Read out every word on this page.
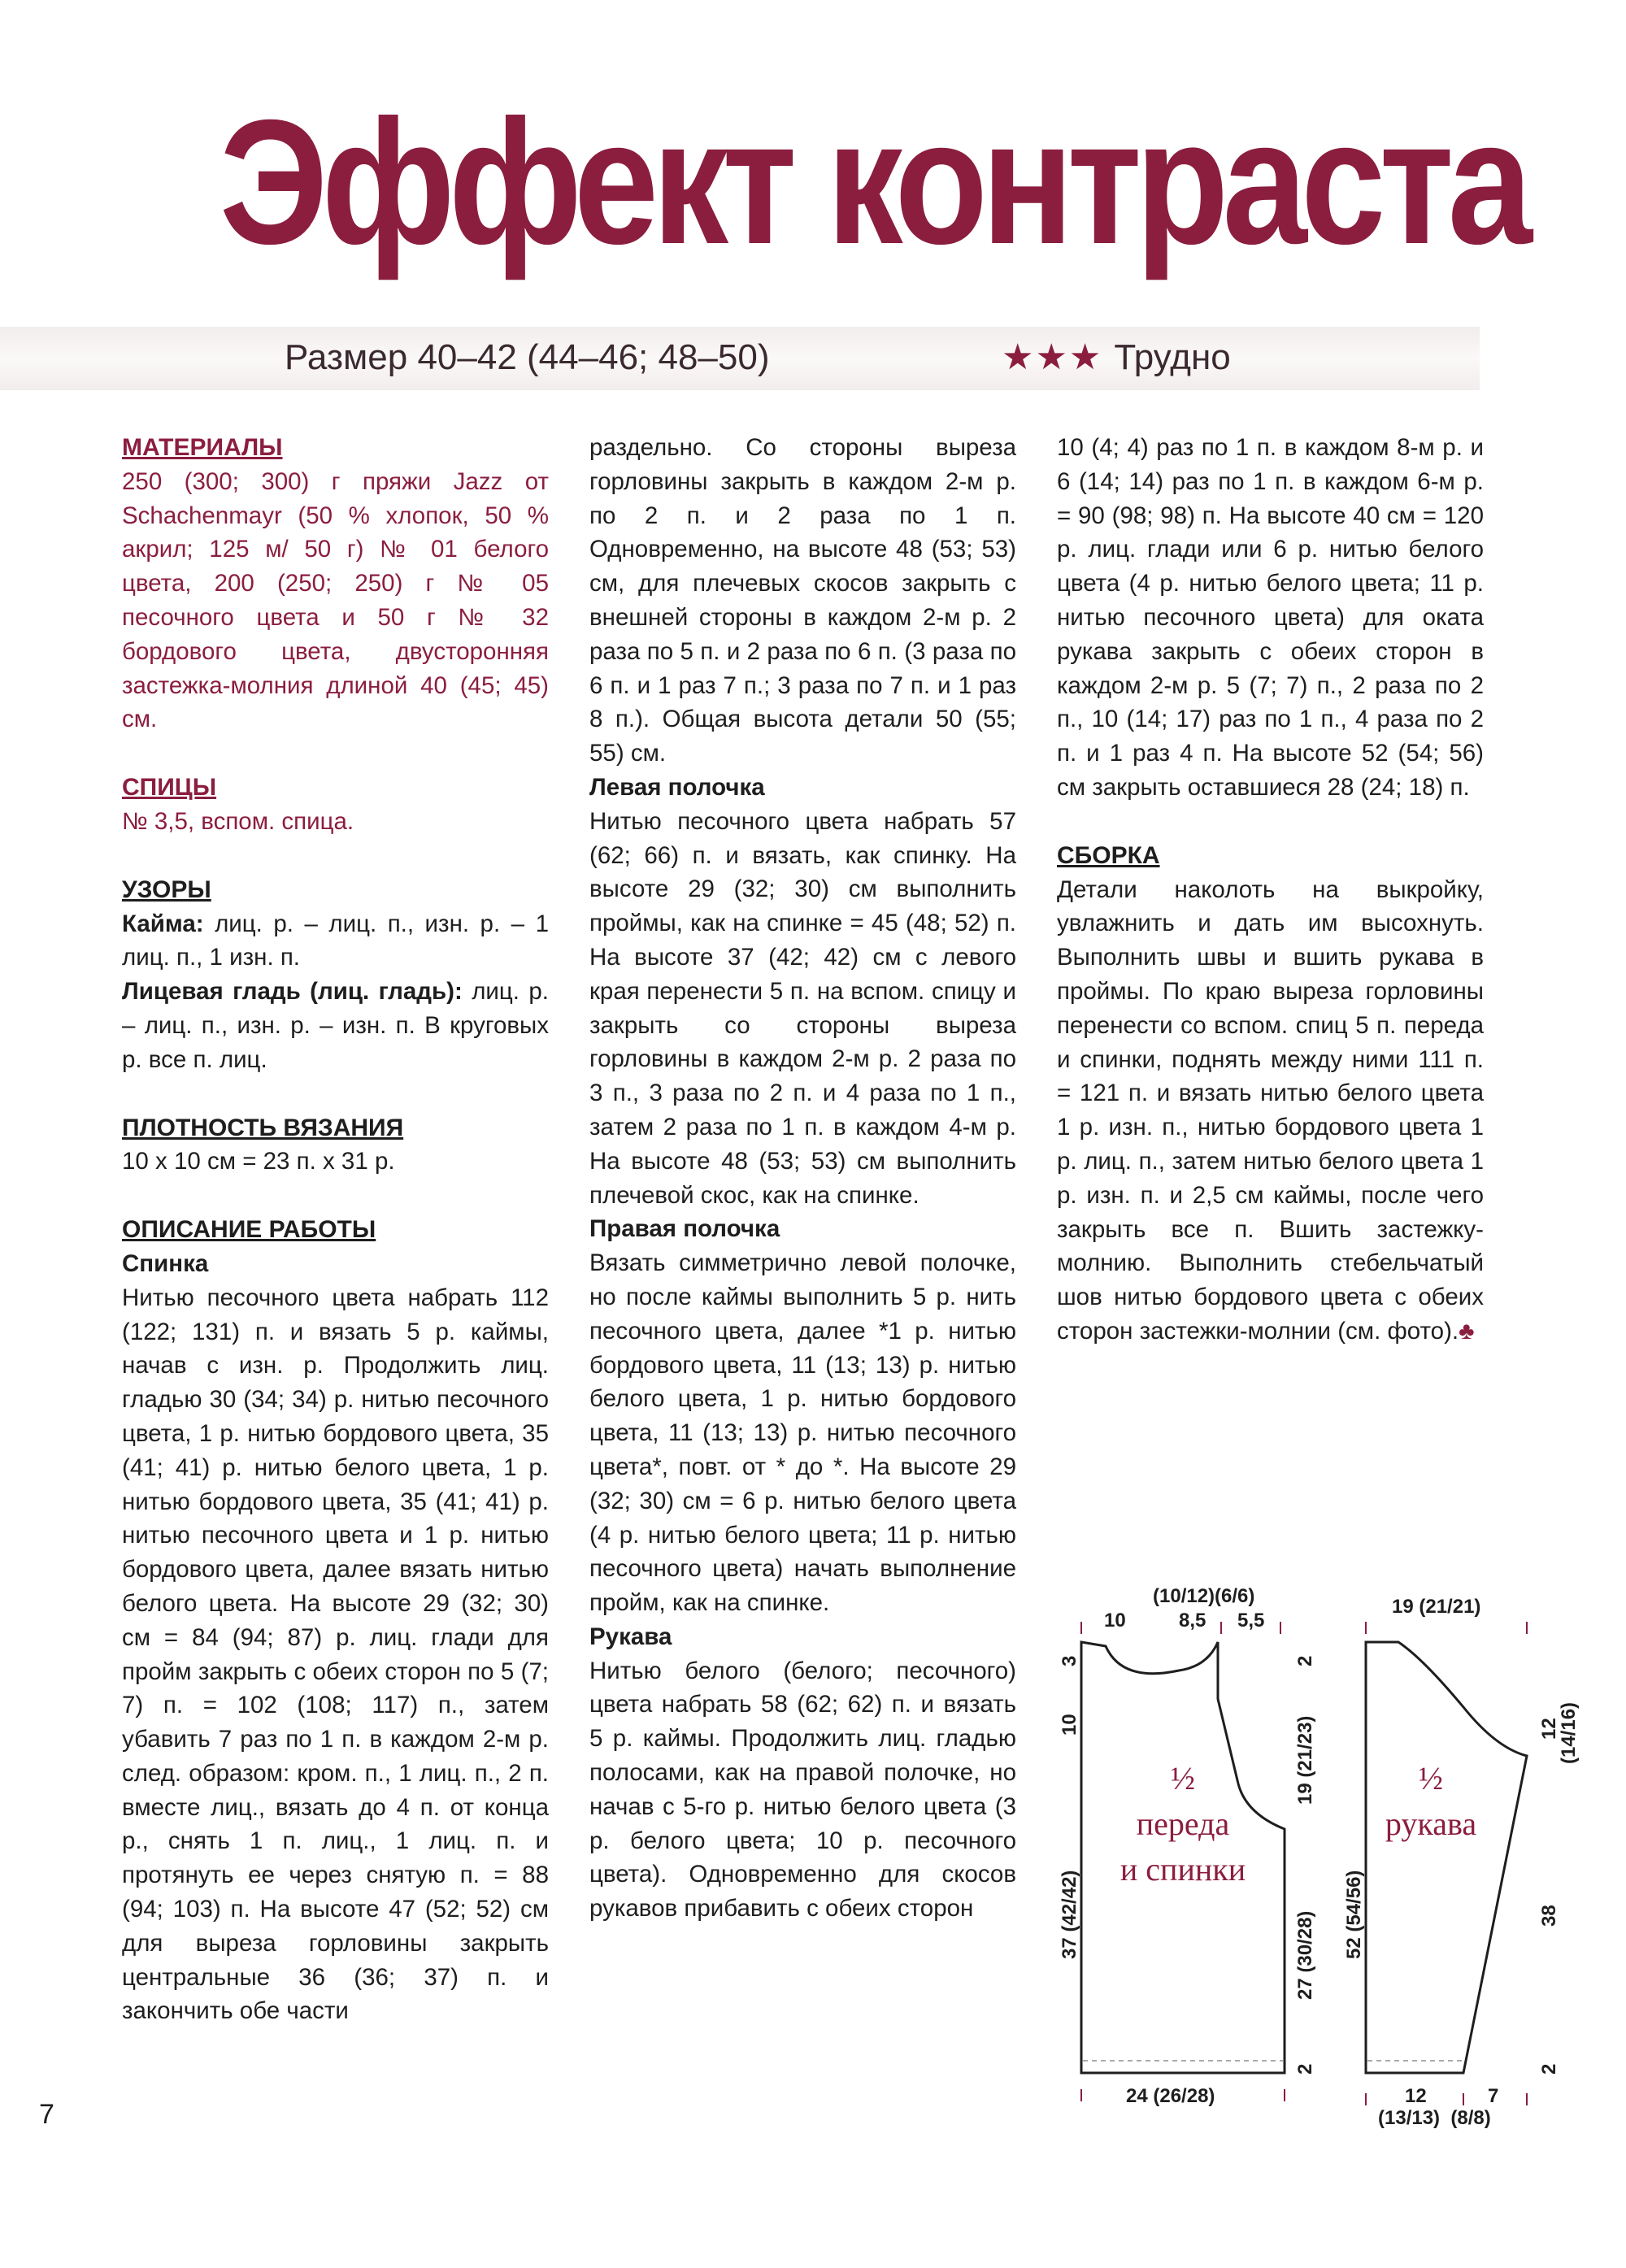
Эффект контраста
Размер 40–42 (44–46; 48–50)	★★★ Трудно

МАТЕРИАЛЫ

250 (300; 300) г пряжи Jazz от Schachenmayr (50 % хлопок, 50 % акрил; 125 м/ 50 г) № 01 белого цвета, 200 (250; 250) г № 05 песочного цвета и 50 г № 32 бордового цвета, двусторонняя застежка-молния длиной 40 (45; 45) см.

СПИЦЫ

№ 3,5, вспом. спица.

УЗОРЫ

Кайма: лиц. р. – лиц. п., изн. р. – 1 лиц. п., 1 изн. п.

Лицевая гладь (лиц. гладь): лиц. р. – лиц. п., изн. р. – изн. п. В круговых р. все п. лиц.

ПЛОТНОСТЬ ВЯЗАНИЯ

10 x 10 см = 23 п. x 31 р.

ОПИСАНИЕ РАБОТЫ

Спинка

Нитью песочного цвета набрать 112 (122; 131) п. и вязать 5 р. каймы, начав с изн. р. Продолжить лиц. гладью 30 (34; 34) р. нитью песочного цвета, 1 р. нитью бордового цвета, 35 (41; 41) р. нитью белого цвета, 1 р. нитью бордового цвета, 35 (41; 41) р. нитью песочного цвета и 1 р. нитью бордового цвета, далее вязать нитью белого цвета. На высоте 29 (32; 30) см = 84 (94; 87) р. лиц. глади для пройм закрыть с обеих сторон по 5 (7; 7) п. = 102 (108; 117) п., затем убавить 7 раз по 1 п. в каждом 2-м р. след. образом: кром. п., 1 лиц. п., 2 п. вместе лиц., вязать до 4 п. от конца р., снять 1 п. лиц., 1 лиц. п. и протянуть ее через снятую п. = 88 (94; 103) п. На высоте 47 (52; 52) см для выреза горловины закрыть центральные 36 (36; 37) п. и закончить обе части

раздельно. Со стороны выреза горловины закрыть в каждом 2-м р. по 2 п. и 2 раза по 1 п. Одновременно, на высоте 48 (53; 53) см, для плечевых скосов закрыть с внешней стороны в каждом 2-м р. 2 раза по 5 п. и 2 раза по 6 п. (3 раза по 6 п. и 1 раз 7 п.; 3 раза по 7 п. и 1 раз 8 п.). Общая высота детали 50 (55; 55) см.

Левая полочка

Нитью песочного цвета набрать 57 (62; 66) п. и вязать, как спинку. На высоте 29 (32; 30) см выполнить проймы, как на спинке = 45 (48; 52) п. На высоте 37 (42; 42) см с левого края перенести 5 п. на вспом. спицу и закрыть со стороны выреза горловины в каждом 2-м р. 2 раза по 3 п., 3 раза по 2 п. и 4 раза по 1 п., затем 2 раза по 1 п. в каждом 4-м р. На высоте 48 (53; 53) см выполнить плечевой скос, как на спинке.

Правая полочка

Вязать симметрично левой полочке, но после каймы выполнить 5 р. нить песочного цвета, далее *1 р. нитью бордового цвета, 11 (13; 13) р. нитью белого цвета, 1 р. нитью бордового цвета, 11 (13; 13) р. нитью песочного цвета*, повт. от * до *. На высоте 29 (32; 30) см = 6 р. нитью белого цвета (4 р. нитью белого цвета; 11 р. нитью песочного цвета) начать выполнение пройм, как на спинке.

Рукава

Нитью белого (белого; песочного) цвета набрать 58 (62; 62) п. и вязать 5 р. каймы. Продолжить лиц. гладью полосами, как на правой полочке, но начав с 5-го р. нитью белого цвета (3 р. белого цвета; 10 р. песочного цвета). Одновременно для скосов рукавов прибавить с обеих сторон

10 (4; 4) раз по 1 п. в каждом 8-м р. и 6 (14; 14) раз по 1 п. в каждом 6-м р. = 90 (98; 98) п. На высоте 40 см = 120 р. лиц. глади или 6 р. нитью белого цвета (4 р. нитью белого цвета; 11 р. нитью песочного цвета) для оката рукава закрыть с обеих сторон в каждом 2-м р. 5 (7; 7) п., 2 раза по 2 п., 10 (14; 17) раз по 1 п., 4 раза по 2 п. и 1 раз 4 п. На высоте 52 (54; 56) см закрыть оставшиеся 28 (24; 18) п.

СБОРКА

Детали наколоть на выкройку, увлажнить и дать им высохнуть. Выполнить швы и вшить рукава в проймы. По краю выреза горловины перенести со вспом. спиц 5 п. переда и спинки, поднять между ними 111 п. = 121 п. и вязать нитью белого цвета 1 р. изн. п., нитью бордового цвета 1 р. лиц. п., затем нитью белого цвета 1 р. изн. п. и 2,5 см каймы, после чего закрыть все п. Вшить застежку-молнию. Выполнить стебельчатый шов нитью бордового цвета с обеих сторон застежки-молнии (см. фото).♣

(10/12)(6/6)
10	8,5 5,5
3
10
2
19 (21/23)
37 (42/42)	27 (30/28)
2
24 (26/28)
½
переда
и спинки
½
рукава
19 (21/21)
12
(14/16)
52 (54/56)	38
2
12	7
(13/13)  (8/8)
7
